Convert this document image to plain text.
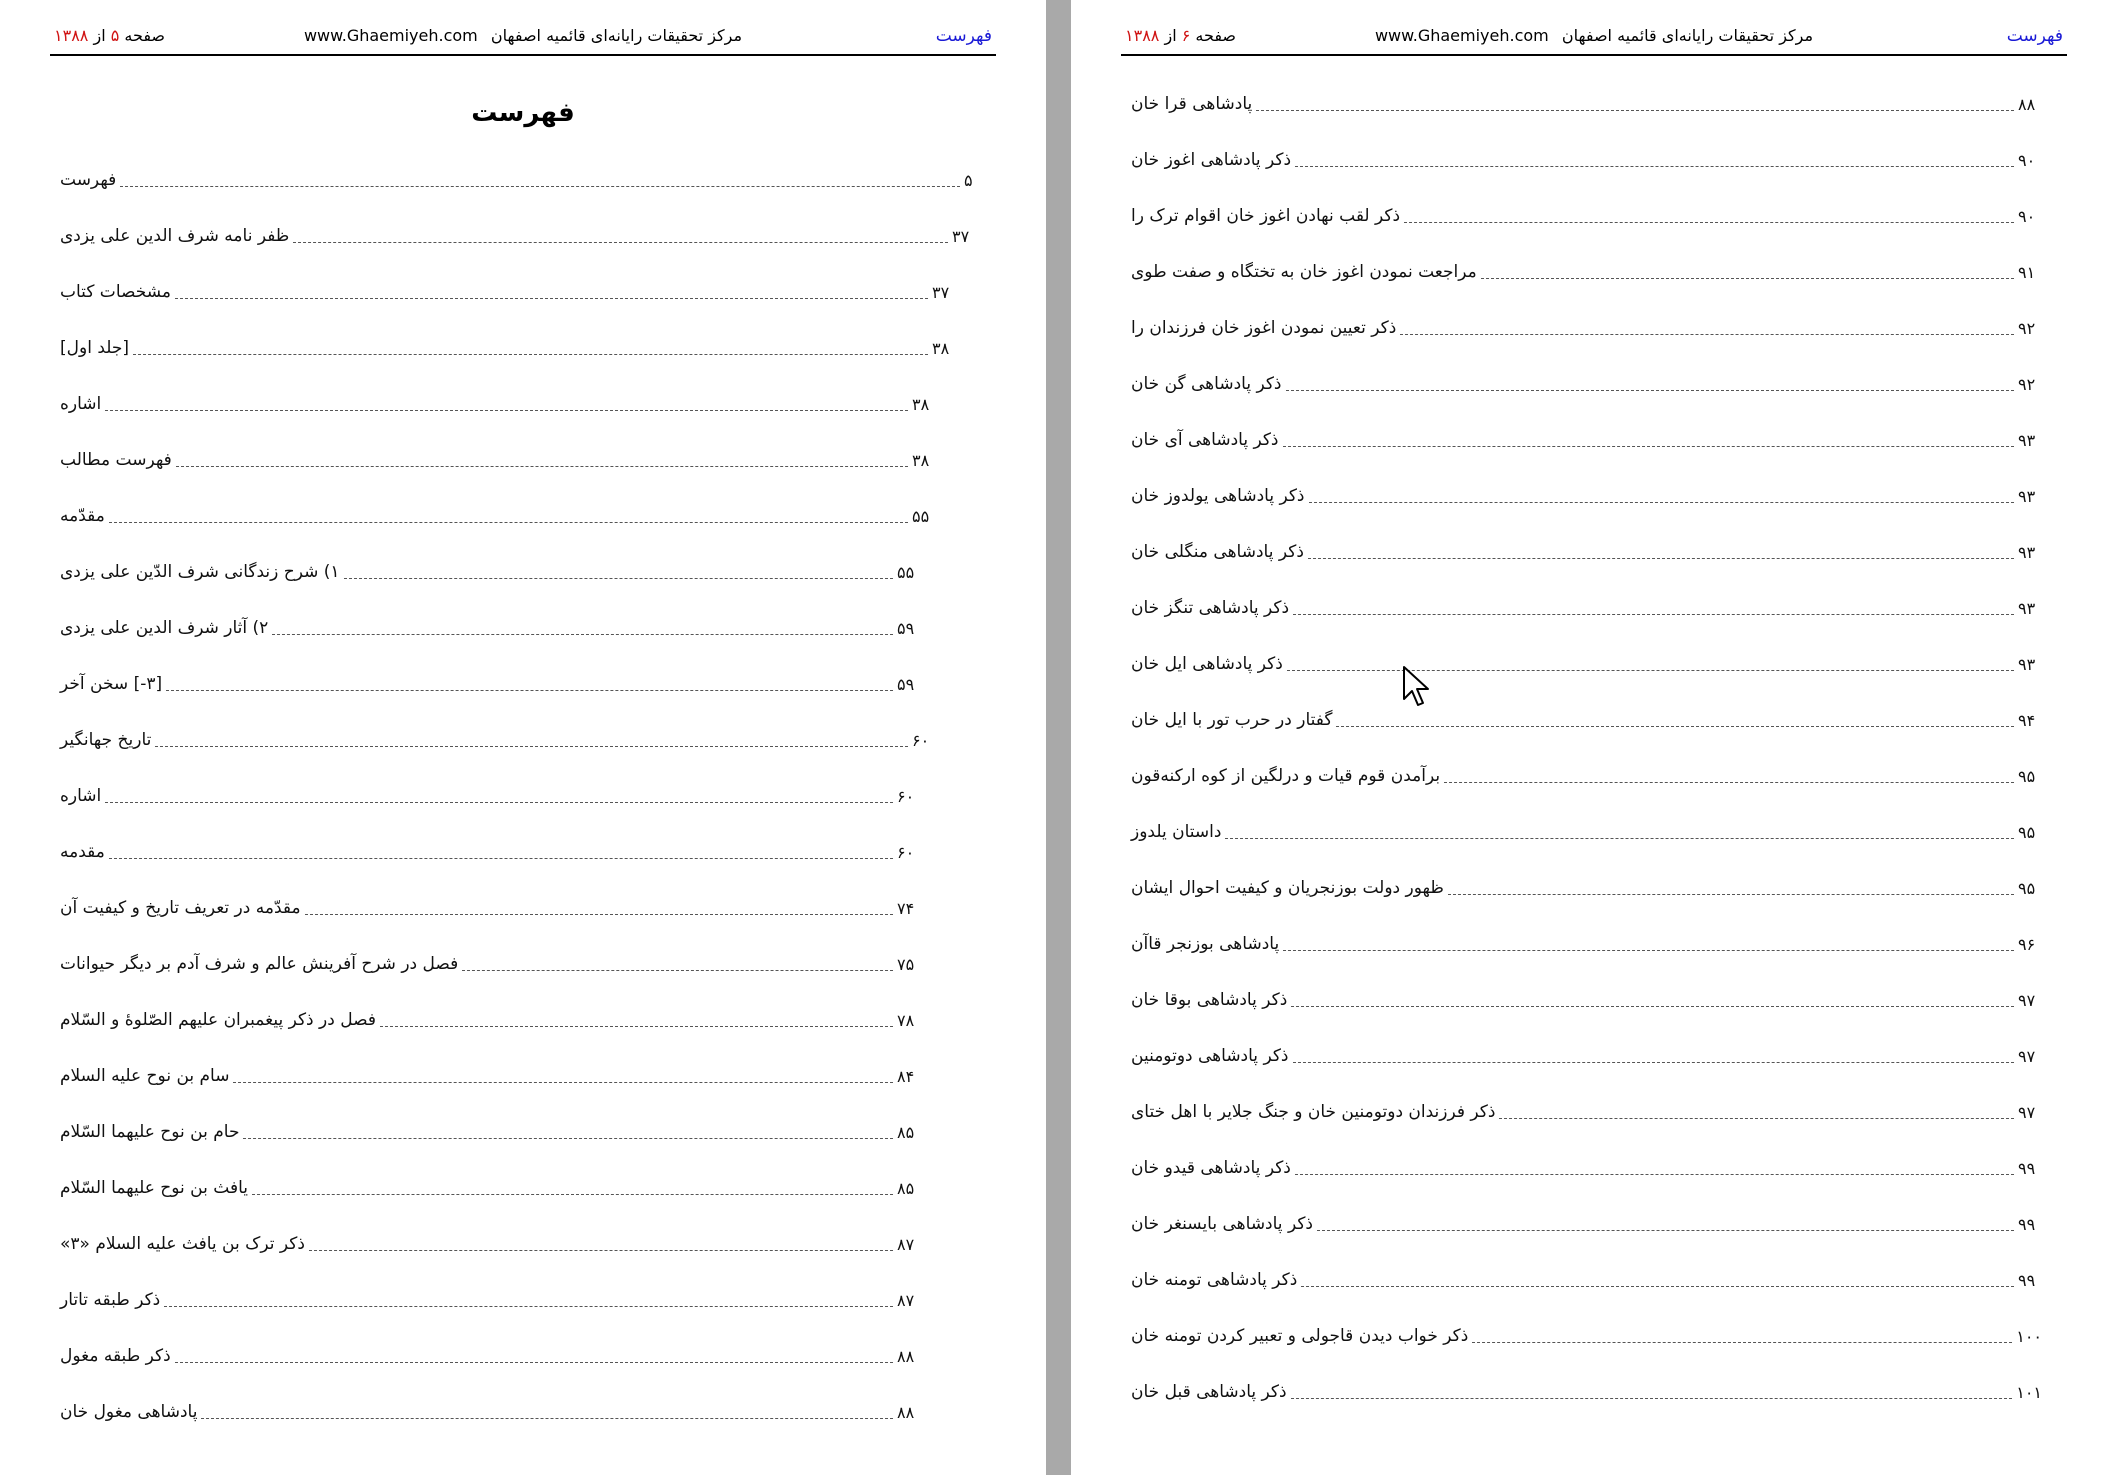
فهرست
www.Ghaemiyeh.com مرکز تحقیقات رایانه‌ای قائمیه اصفهان
صفحه ۵ از ۱۳۸۸
فهرست
فهرست	۵
ظفر نامه شرف الدین علی یزدی	۳۷
مشخصات کتاب	۳۷
[جلد اول]	۳۸
اشاره	۳۸
فهرست مطالب	۳۸
مقدّمه	۵۵
۱) شرح زندگانی شرف الدّین علی یزدی	۵۵
۲) آثار شرف الدین علی یزدی	۵۹
[۳-] سخن آخر	۵۹
تاریخ جهانگیر	۶۰
اشاره	۶۰
مقدمه	۶۰
مقدّمه در تعریف تاریخ و کیفیت آن	۷۴
فصل در شرح آفرینش عالم و شرف آدم بر دیگر حیوانات	۷۵
فصل در ذکر پیغمبران علیهم الصّلوهٔ و السّلام	۷۸
سام بن نوح علیه السلام	۸۴
حام بن نوح علیهما السّلام	۸۵
یافث بن نوح علیهما السّلام	۸۵
ذکر ترک بن یافث علیه السلام «۳»	۸۷
ذکر طبقه تاتار	۸۷
ذکر طبقه مغول	۸۸
پادشاهی مغول خان	۸۸
فهرست
www.Ghaemiyeh.com مرکز تحقیقات رایانه‌ای قائمیه اصفهان
صفحه ۶ از ۱۳۸۸
پادشاهی قرا خان	۸۸
ذکر پادشاهی اغوز خان	۹۰
ذکر لقب نهادن اغوز خان اقوام ترک را	۹۰
مراجعت نمودن اغوز خان به تختگاه و صفت طوی	۹۱
ذکر تعیین نمودن اغوز خان فرزندان را	۹۲
ذکر پادشاهی گن خان	۹۲
ذکر پادشاهی آی خان	۹۳
ذکر پادشاهی یولدوز خان	۹۳
ذکر پادشاهی منگلی خان	۹۳
ذکر پادشاهی تنگز خان	۹۳
ذکر پادشاهی ایل خان	۹۳
گفتار در حرب تور با ایل خان	۹۴
برآمدن قوم قیات و درلگین از کوه ارکنه‌قون	۹۵
داستان یلدوز	۹۵
ظهور دولت بوزنجریان و کیفیت احوال ایشان	۹۵
پادشاهی بوزنجر قاآن	۹۶
ذکر پادشاهی بوقا خان	۹۷
ذکر پادشاهی دوتومنین	۹۷
ذکر فرزندان دوتومنین خان و جنگ جلایر با اهل ختای	۹۷
ذکر پادشاهی قیدو خان	۹۹
ذکر پادشاهی بایسنغر خان	۹۹
ذکر پادشاهی تومنه خان	۹۹
ذکر خواب دیدن قاجولی و تعبیر کردن تومنه خان	۱۰۰
ذکر پادشاهی قبل خان	۱۰۱
